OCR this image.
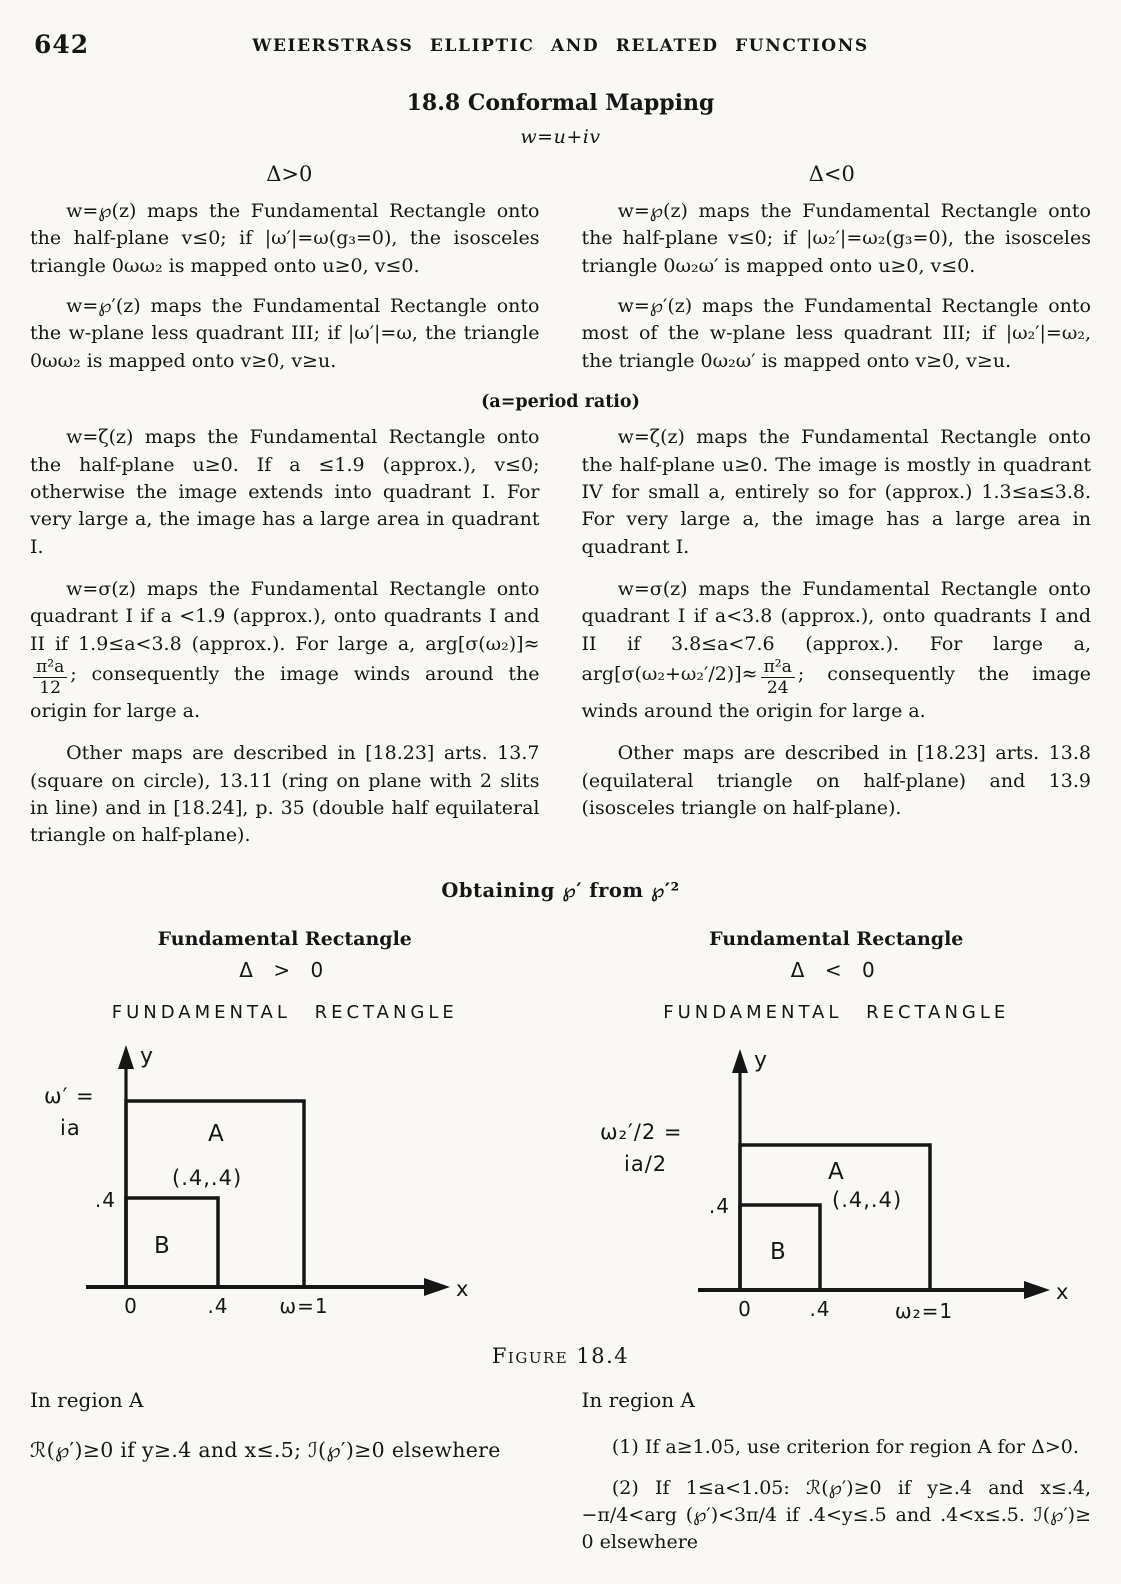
642	WEIERSTRASS ELLIPTIC AND RELATED FUNCTIONS
18.8 Conformal Mapping
w=u+iv
Δ>0	Δ<0

w=℘(z) maps the Fundamental Rectangle onto the half-plane v≤0; if |ω′|=ω(g₃=0), the isosceles triangle 0ωω₂ is mapped onto u≥0, v≤0.

w=℘′(z) maps the Fundamental Rectangle onto the w-plane less quadrant III; if |ω′|=ω, the triangle 0ωω₂ is mapped onto v≥0, v≥u.

w=℘(z) maps the Fundamental Rectangle onto the half-plane v≤0; if |ω₂′|=ω₂(g₃=0), the isosceles triangle 0ω₂ω′ is mapped onto u≥0, v≤0.

w=℘′(z) maps the Fundamental Rectangle onto most of the w-plane less quadrant III; if |ω₂′|=ω₂, the triangle 0ω₂ω′ is mapped onto v≥0, v≥u.

(a=period ratio)

w=ζ(z) maps the Fundamental Rectangle onto the half-plane u≥0. If a ≤1.9 (approx.), v≤0; otherwise the image extends into quadrant I. For very large a, the image has a large area in quadrant I.

w=σ(z) maps the Fundamental Rectangle onto quadrant I if a <1.9 (approx.), onto quadrants I and II if 1.9≤a<3.8 (approx.). For large a, arg[σ(ω₂)]≈
$\frac{\text{π²a}}{12}$ ; consequently the image winds around the origin for large a.

Other maps are described in [18.23] arts. 13.7 (square on circle), 13.11 (ring on plane with 2 slits in line) and in [18.24], p. 35 (double half equilateral triangle on half-plane).

w=ζ(z) maps the Fundamental Rectangle onto the half-plane u≥0. The image is mostly in quadrant IV for small a, entirely so for (approx.) 1.3≤a≤3.8. For very large a, the image has a large area in quadrant I.

w=σ(z) maps the Fundamental Rectangle onto quadrant I if a<3.8 (approx.), onto quadrants I and II if 3.8≤a<7.6 (approx.). For large a, $arg[\sigma(\omega_2+\omega_2'/2)]\approx \frac{\text{π²a}}{24}$ ; consequently the image winds around the origin for large a.

Other maps are described in [18.23] arts. 13.8 (equilateral triangle on half-plane) and 13.9 (isosceles triangle on half-plane).

Obtaining ℘′ from ℘′²
Fundamental Rectangle
Δ > 0
FUNDAMENTAL RECTANGLE
ω′ =
ia
y
x
A
(.4,.4)
B
.4
0	.4	ω=1
Fundamental Rectangle
Δ < 0
FUNDAMENTAL RECTANGLE
ω₂′/2 =
ia/2
y
x
A
(.4,.4)
B
.4
0	.4	ω₂=1
Figure 18.4
In region A
ℛ(℘′)≥0 if y≥.4 and x≤.5; ℐ(℘′)≥0 elsewhere
In region A

(1) If a≥1.05, use criterion for region A for Δ>0.

(2) If 1≤a<1.05: ℛ(℘′)≥0 if y≥.4 and x≤.4, −π/4<arg (℘′)<3π/4 if .4<y≤.5 and .4<x≤.5. ℐ(℘′)≥ 0 elsewhere
